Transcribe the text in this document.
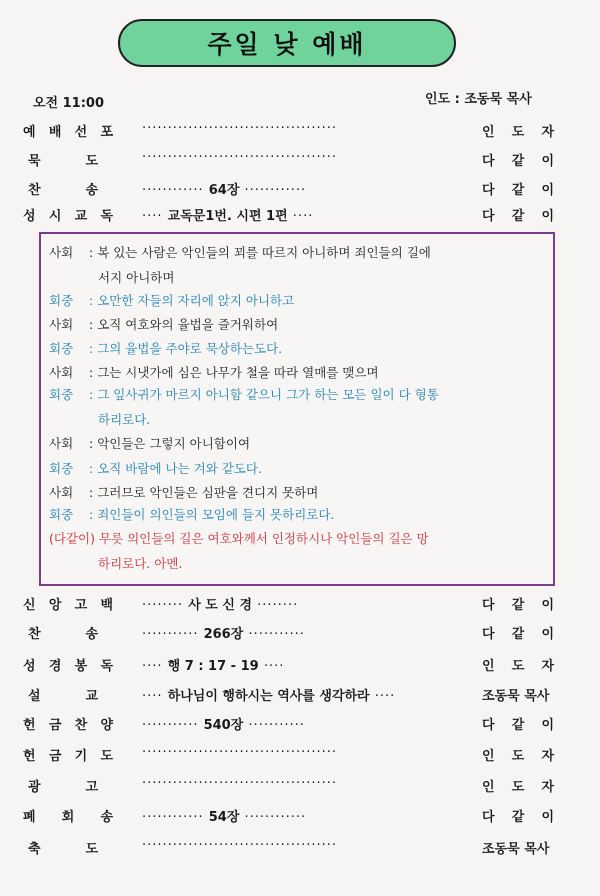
주일 낮 예배
오전 11:00	인도 : 조동묵 목사
예 배 선 포 ······································	인 도 자
묵	도	······································	다 같 이
찬	송	············ 64장 ············	다 같 이
성 시 교 독 ···· 교독문1번. 시편 1편 ····	다 같 이
사회 : 복 있는 사람은 악인들의 꾀를 따르지 아니하며 죄인들의 길에
서지 아니하며
회중 : 오만한 자들의 자리에 앉지 아니하고
사회 : 오직 여호와의 율법을 즐거워하여
회중 : 그의 율법을 주야로 묵상하는도다.
사회 : 그는 시냇가에 심은 나무가 철을 따라 열매를 맺으며
회중 : 그 잎사귀가 마르지 아니함 같으니 그가 하는 모든 일이 다 형통
하리로다.
사회 : 악인들은 그렇지 아니함이여
회중 : 오직 바람에 나는 겨와 같도다.
사회 : 그러므로 악인들은 심판을 견디지 못하며
회중 : 죄인들이 의인들의 모임에 들지 못하리로다.
(다같이) 무릇 의인들의 길은 여호와께서 인정하시나 악인들의 길은 망
하리로다. 아멘.
신 앙 고 백 ········ 사 도 신 경 ········	다 같 이
찬	송	··········· 266장 ···········	다 같 이
성 경 봉 독 ···· 행 7 : 17 - 19 ····	인 도 자
설	교	···· 하나님이 행하시는 역사를 생각하라 ····	조동묵 목사
헌 금 찬 양 ··········· 540장 ···········	다 같 이
헌 금 기 도 ······································	인 도 자
광	고	······································	인 도 자
폐 회 송 ············ 54장 ············	다 같 이
축	도	······································	조동묵 목사
